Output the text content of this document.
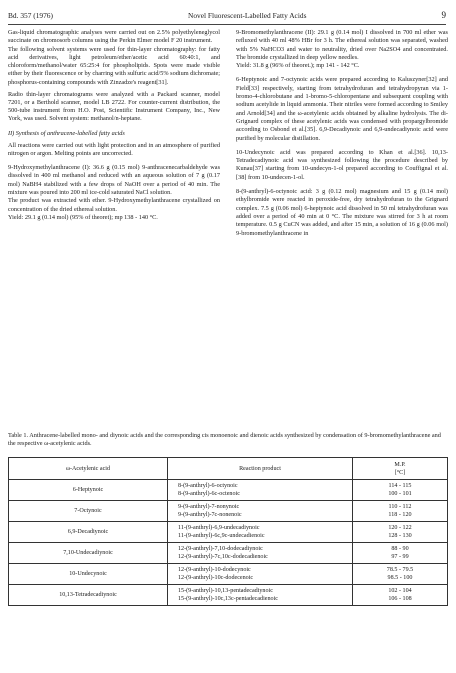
Bd. 357 (1976)	Novel Fluorescent-Labelled Fatty Acids	9

Gas-liquid chromatographic analyses were carried out on 2.5% polyethyleneglycol succinate on chromosorb columns using the Perkin Elmer model F 20 instrument.

The following solvent systems were used for thin-layer chromatography: for fatty acid derivatives, light petroleum/ether/acetic acid 60:40:1, and chloroform/methanol/water 65:25:4 for phospholipids. Spots were made visible either by their fluorescence or by charring with sulfuric acid/5% sodium dichromate; phosphorus-containing compounds with Zinzadze's reagent[31].

Radio thin-layer chromatograms were analyzed with a Packard scanner, model 7201, or a Berthold scanner, model LB 2722. For counter-current distribution, the 500-tube instrument from H.O. Post, Scientific Instrument Company, Inc., New York, was used. Solvent system: methanol/n-heptane.

II) Synthesis of anthracene-labelled fatty acids

All reactions were carried out with light protection and in an atmosphere of purified nitrogen or argon. Melting points are uncorrected.

9-Hydroxymethylanthracene (I): 36.6 g (0.15 mol) 9-anthracenecarbaldehyde was dissolved in 400 ml methanol and reduced with an aqueous solution of 7 g (0.17 mol) NaBH4 stabilized with a few drops of NaOH over a period of 40 min. The mixture was poured into 200 ml ice-cold saturated NaCl solution.

The product was extracted with ether. 9-Hydroxymethylanthracene crystallized on concentration of the dried ethereal solution.

Yield: 29.1 g (0.14 mol) (95% of theoret); mp 138 - 140 °C.

9-Bromomethylanthracene (II): 29.1 g (0.14 mol) I dissolved in 700 ml ether was refluxed with 40 ml 48% HBr for 3 h. The ethereal solution was separated, washed with 5% NaHCO3 and water to neutrality, dried over Na2SO4 and concentrated. The bromide crystallized in deep yellow needles.

Yield: 31.8 g (96% of theoret.); mp 141 - 142 °C.

6-Heptynoic and 7-octynoic acids were prepared according to Kaluszyner[32] and Field[33] respectively, starting from tetrahydrofuran and tetrahydropyran via 1-bromo-4-chlorobutane and 1-bromo-5-chloropentane and subsequent coupling with sodium acetylide in liquid ammonia. Their nitriles were formed according to Smiley and Arnold[34] and the ω-acetylenic acids obtained by alkaline hydrolysis. The di-Grignard complex of these acetylenic acids was condensed with propargylbromide according to Osbond et al.[35]. 6,9-Decadiynoic and 6,9-undecadiynoic acid were purified by molecular distillation.

10-Undecynoic acid was prepared according to Khan et al.[36]. 10,13-Tetradecadiynoic acid was synthesized following the procedure described by Kunau[37] starting from 10-undecyn-1-ol prepared according to Couffignal et al.[38] from 10-undecen-1-ol.

8-(9-anthryl)-6-octynoic acid: 3 g (0.12 mol) magnesium and 15 g (0.14 mol) ethylbromide were reacted in peroxide-free, dry tetrahydrofuran to the Grignard complex. 7.5 g (0.06 mol) 6-heptynoic acid dissolved in 50 ml tetrahydrofuran was added over a period of 40 min at 0 °C. The mixture was stirred for 3 h at room temperature. 0.5 g CuCN was added, and after 15 min, a solution of 16 g (0.06 mol) 9-bromomethylanthracene in

Table 1. Anthracene-labelled mono- and diynoic acids and the corresponding cis monoenoic and dienoic acids synthesized by condensation of 9-bromomethylanthracene and the respective ω-acetylenic acids.
ω-Acetylenic acid	Reaction product	M.P.
[°C]
6-Heptynoic	8-(9-anthryl)-6-octynoic
8-(9-anthryl)-6c-octenoic	114 - 115
100 - 101
7-Octynoic	9-(9-anthryl)-7-nonynoic
9-(9-anthryl)-7c-nonenoic	110 - 112
118 - 120
6,9-Decadiynoic	11-(9-anthryl)-6,9-undecadiynoic
11-(9-anthryl)-6c,9c-undecadienoic	120 - 122
128 - 130
7,10-Undecadiynoic	12-(9-anthryl)-7,10-dodecadiynoic
12-(9-anthryl)-7c,10c-dodecadienoic	88 - 90
97 - 99
10-Undecynoic	12-(9-anthryl)-10-dodecynoic
12-(9-anthryl)-10c-dodecenoic	78.5 - 79.5
98.5 - 100
10,13-Tetradecadiynoic	15-(9-anthryl)-10,13-pentadecadiynoic
15-(9-anthryl)-10c,13c-pentadecadienoic	102 - 104
106 - 108
